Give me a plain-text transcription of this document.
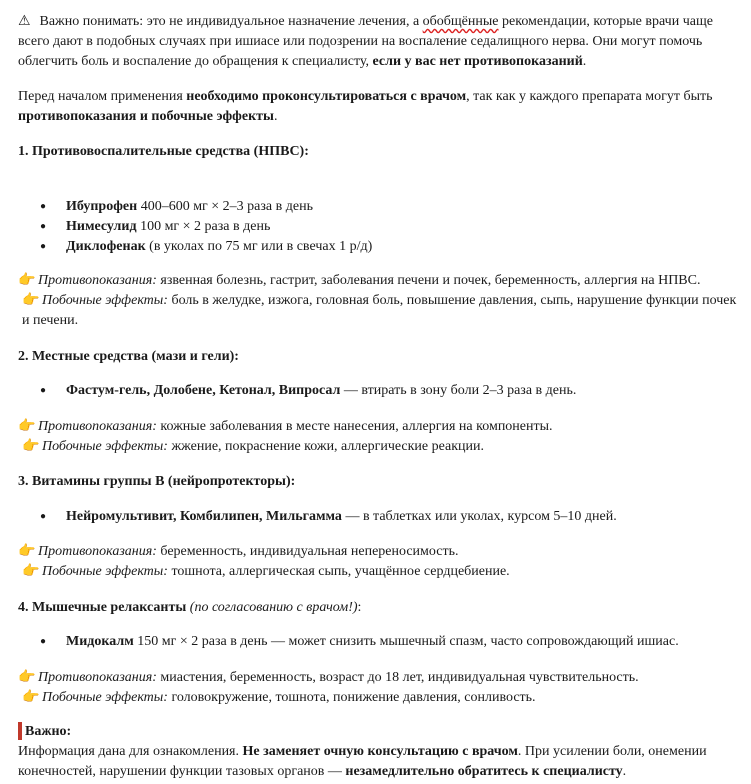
⚠ Важно понимать: это не индивидуальное назначение лечения, а обобщённые рекомендации, которые врачи чаще всего дают в подобных случаях при ишиасе или подозрении на воспаление седалищного нерва. Они могут помочь облегчить боль и воспаление до обращения к специалисту, если у вас нет противопоказаний.
Перед началом применения необходимо проконсультироваться с врачом, так как у каждого препарата могут быть противопоказания и побочные эффекты.
1. Противовоспалительные средства (НПВС):
● Ибупрофен 400–600 мг × 2–3 раза в день
● Нимесулид 100 мг × 2 раза в день
● Диклофенак (в уколах по 75 мг или в свечах 1 р/д)
👉 Противопоказания: язвенная болезнь, гастрит, заболевания печени и почек, беременность, аллергия на НПВС.
👉 Побочные эффекты: боль в желудке, изжога, головная боль, повышение давления, сыпь, нарушение функции почек и печени.
2. Местные средства (мази и гели):
● Фастум-гель, Долобене, Кетонал, Випросал — втирать в зону боли 2–3 раза в день.
👉 Противопоказания: кожные заболевания в месте нанесения, аллергия на компоненты.
👉 Побочные эффекты: жжение, покраснение кожи, аллергические реакции.
3. Витамины группы В (нейропротекторы):
● Нейромультивит, Комбилипен, Мильгамма — в таблетках или уколах, курсом 5–10 дней.
👉 Противопоказания: беременность, индивидуальная непереносимость.
👉 Побочные эффекты: тошнота, аллергическая сыпь, учащённое сердцебиение.
4. Мышечные релаксанты (по согласованию с врачом!):
● Мидокалм 150 мг × 2 раза в день — может снизить мышечный спазм, часто сопровождающий ишиас.
👉 Противопоказания: миастения, беременность, возраст до 18 лет, индивидуальная чувствительность.
👉 Побочные эффекты: головокружение, тошнота, понижение давления, сонливость.
Важно:
Информация дана для ознакомления. Не заменяет очную консультацию с врачом. При усилении боли, онемении конечностей, нарушении функции тазовых органов — незамедлительно обратитесь к специалисту.
